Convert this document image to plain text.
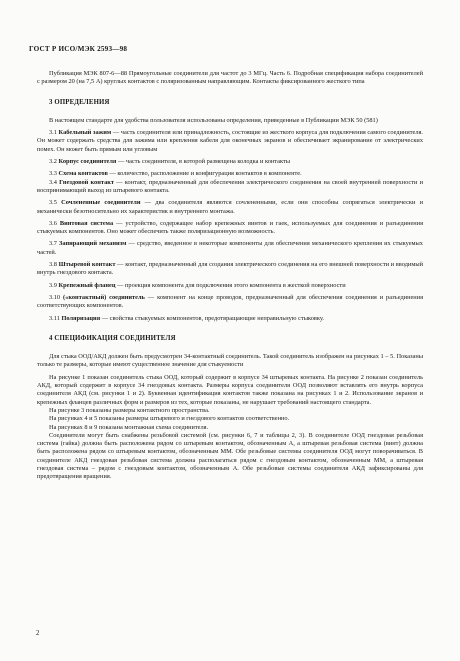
ГОСТ Р ИСО/МЭК 2593—98

Публикация МЭК 807-6—88 Прямоугольные соединители для частот до 3 МГц. Часть 6. Подробная спецификация набора соединителей с размером 20 (на 7,5 А) круглых контактов с поляризованным направляющим. Контакты фиксированного жесткого типа

3 ОПРЕДЕЛЕНИЯ

В настоящем стандарте для удобства пользователя использованы определения, приведенные в Публикации МЭК 50 (581)

3.1 Кабельный зажим — часть соединителя или принадлежность, состоящие из жесткого корпуса для подключения самого соединителя. Он может содержать средства для зажима или крепления кабеля для оконечных экранов и обеспечивает экранирование от электрических помех. Он может быть прямым или угловым

3.2 Корпус соединителя — часть соединителя, в которой размещена колодка и контакты

3.3 Схема контактов — количество, расположение и конфигурация контактов в компоненте.

3.4 Гнездовой контакт — контакт, предназначенный для обеспечения электрического соединения на своей внутренней поверхности и воспринимающий выход из штыревого контакта.

3.5 Сочлененные соединители — два соединителя являются сочлененными, если они способны сопрягаться электрически и механически безотносительно их характеристик и внутреннего монтажа.

3.6 Винтовая система — устройство, содержащее набор крепежных винтов и гаек, используемых для соединения и разъединения стыкуемых компонентов. Оно может обеспечить также поляризационную возможность.

3.7 Запирающий механизм — средство, введенное в некоторые компоненты для обеспечения механического крепления их стыкуемых частей.

3.8 Штыревой контакт — контакт, предназначенный для создания электрического соединения на его внешней поверхности и вводимый внутрь гнездового контакта.

3.9 Крепежный фланец — проекция компонента для подключения этого компонента в жесткой поверхности

3.10 («контактный) соединитель — компонент на конце проводов, предназначенный для обеспечения соединения и разъединения соответствующих компонентов.

3.11 Поляризация — свойства стыкуемых компонентов, предотвращающие неправильную стыковку.

4 СПЕЦИФИКАЦИЯ СОЕДИНИТЕЛЯ

Для стыка ООД/АКД должен быть предусмотрен 34-контактный соединитель. Такой соединитель изображен на рисунках 1 – 5. Показаны только те размеры, которые имеют существенное значение для стыкуемости

На рисунке 1 показан соединитель стыка ООД, который содержит в корпусе 34 штыревых контакта. На рисунке 2 показан соединитель АКД, который содержит в корпусе 34 гнездовых контакта. Размеры корпуса соединителя ООД позволяют вставлять его внутрь корпуса соединителя АКД (см. рисунки 1 и 2). Буквенная идентификация контактов также показана на рисунках 1 и 2. Использование экранов и крепежных фланцев различных форм и размеров из тех, которые показаны, не нарушает требований настоящего стандарта.

На рисунке 3 показаны размеры контактного пространства.

На рисунках 4 и 5 показаны размеры штыревого и гнездового контактов соответственно.

На рисунках 8 и 9 показана монтажная схема соединителя.

Соединители могут быть снабжены резьбовой системой (см. рисунки 6, 7 и таблицы 2, 3). В соединителе ООД гнездовая резьбовая система (гайка) должна быть расположена рядом со штыревым контактом, обозначенным А, а штыревая резьбовая система (винт) должна быть расположена рядом со штыревым контактом, обозначенным ММ. Обе резьбовые системы соединителя ООД могут поворачиваться. В соединителе АКД гнездовая резьбовая система должна располагаться рядом с гнездовым контактом, обозначенным ММ, а штыревая гнездовая система – рядом с гнездовым контактом, обозначенным А. Обе резьбовые системы соединителя АКД зафиксированы для предотвращения вращения.

2
